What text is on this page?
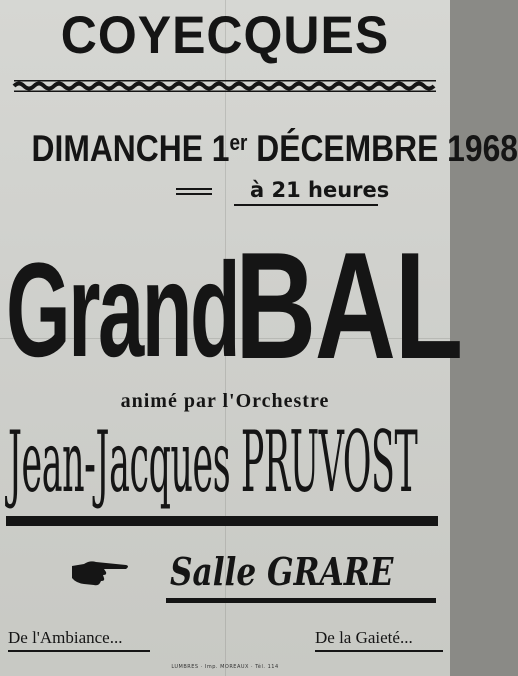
COYECQUES
DIMANCHE 1er DÉCEMBRE 1968
à 21 heures
Grand
BAL
animé par l'Orchestre
Jean-Jacques PRUVOST
Salle GRARE
De l'Ambiance...	De la Gaieté...
LUMBRES · Imp. MOREAUX · Tél. 114
